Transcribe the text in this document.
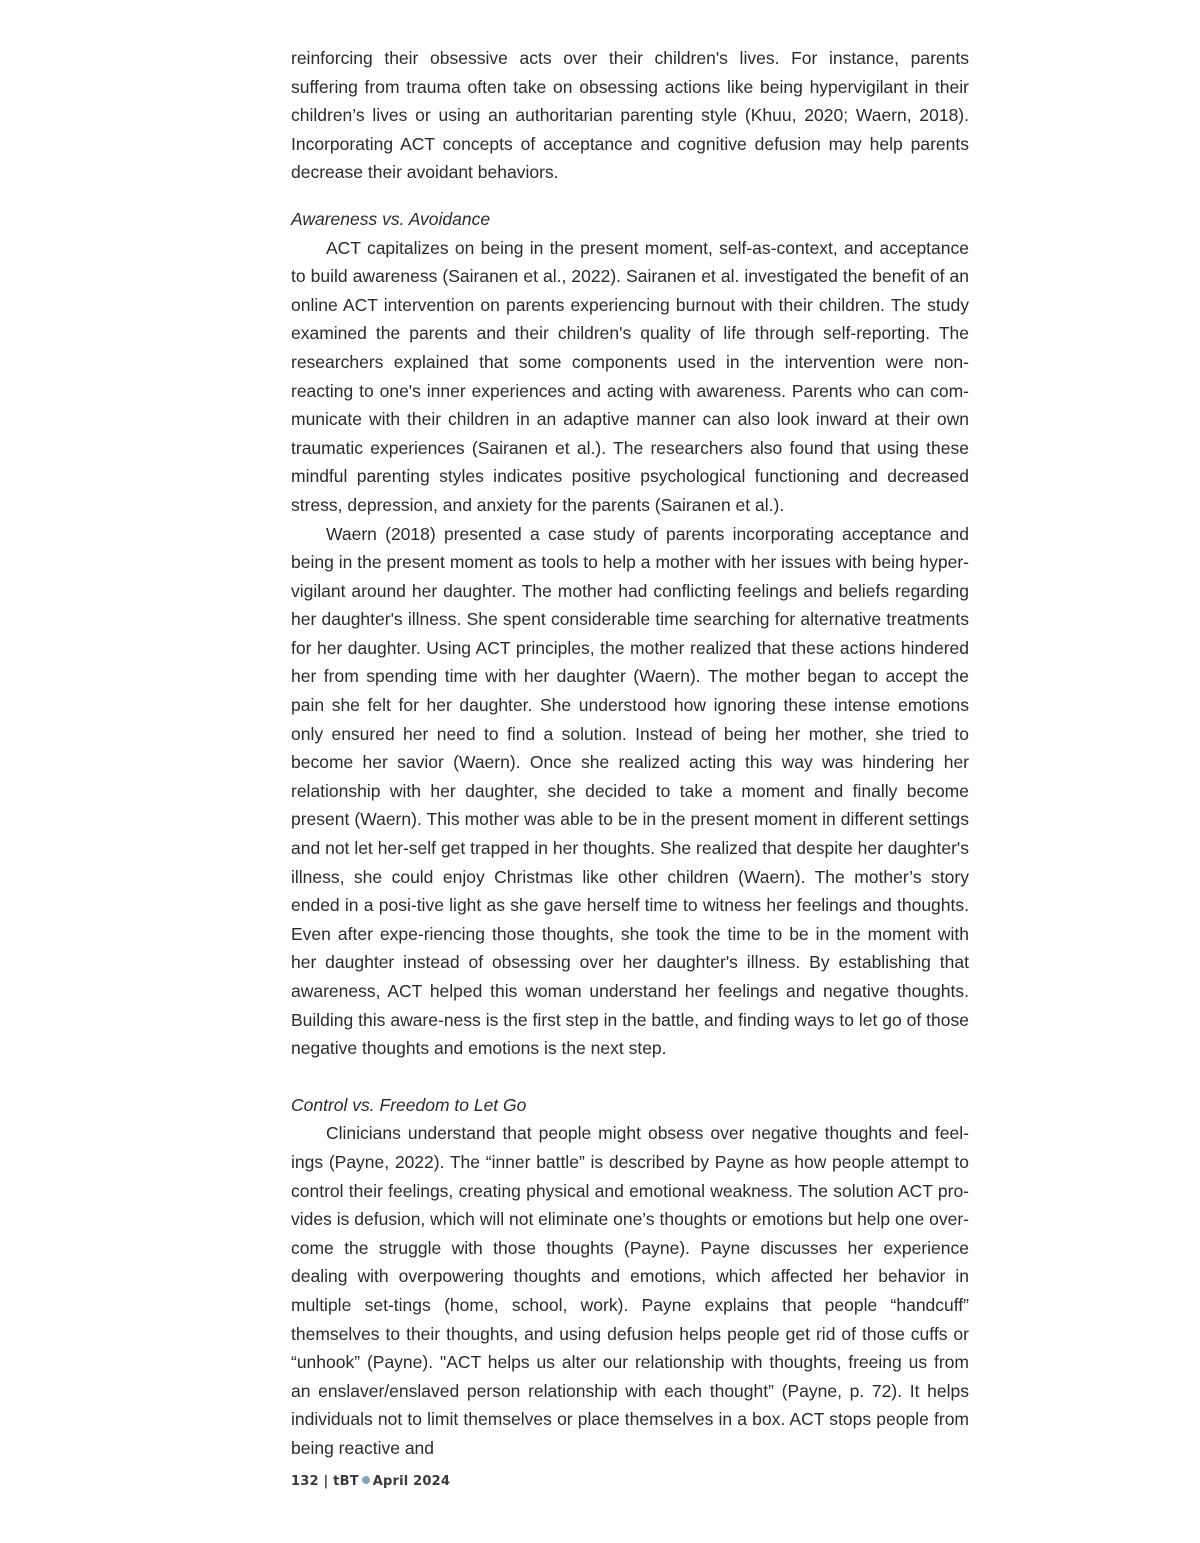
reinforcing their obsessive acts over their children's lives. For instance, parents suffering from trauma often take on obsessing actions like being hypervigilant in their children’s lives or using an authoritarian parenting style (Khuu, 2020; Waern, 2018). Incorporating ACT concepts of acceptance and cognitive defusion may help parents decrease their avoidant behaviors.

Awareness vs. Avoidance

ACT capitalizes on being in the present moment, self-as-context, and acceptance to build awareness (Sairanen et al., 2022). Sairanen et al. investigated the benefit of an online ACT intervention on parents experiencing burnout with their children. The study examined the parents and their children's quality of life through self-reporting. The researchers explained that some components used in the intervention were non-reacting to one's inner experiences and acting with awareness. Parents who can com-municate with their children in an adaptive manner can also look inward at their own traumatic experiences (Sairanen et al.). The researchers also found that using these mindful parenting styles indicates positive psychological functioning and decreased stress, depression, and anxiety for the parents (Sairanen et al.).

Waern (2018) presented a case study of parents incorporating acceptance and being in the present moment as tools to help a mother with her issues with being hyper-vigilant around her daughter. The mother had conflicting feelings and beliefs regarding her daughter's illness. She spent considerable time searching for alternative treatments for her daughter. Using ACT principles, the mother realized that these actions hindered her from spending time with her daughter (Waern). The mother began to accept the pain she felt for her daughter. She understood how ignoring these intense emotions only ensured her need to find a solution. Instead of being her mother, she tried to become her savior (Waern). Once she realized acting this way was hindering her relationship with her daughter, she decided to take a moment and finally become present (Waern). This mother was able to be in the present moment in different settings and not let her-self get trapped in her thoughts. She realized that despite her daughter's illness, she could enjoy Christmas like other children (Waern). The mother’s story ended in a posi-tive light as she gave herself time to witness her feelings and thoughts. Even after expe-riencing those thoughts, she took the time to be in the moment with her daughter instead of obsessing over her daughter's illness. By establishing that awareness, ACT helped this woman understand her feelings and negative thoughts. Building this aware-ness is the first step in the battle, and finding ways to let go of those negative thoughts and emotions is the next step.

Control vs. Freedom to Let Go

Clinicians understand that people might obsess over negative thoughts and feel-ings (Payne, 2022). The “inner battle” is described by Payne as how people attempt to control their feelings, creating physical and emotional weakness. The solution ACT pro-vides is defusion, which will not eliminate one’s thoughts or emotions but help one over-come the struggle with those thoughts (Payne). Payne discusses her experience dealing with overpowering thoughts and emotions, which affected her behavior in multiple set-tings (home, school, work). Payne explains that people “handcuff” themselves to their thoughts, and using defusion helps people get rid of those cuffs or “unhook” (Payne). "ACT helps us alter our relationship with thoughts, freeing us from an enslaver/enslaved person relationship with each thought” (Payne, p. 72). It helps individuals not to limit themselves or place themselves in a box. ACT stops people from being reactive and

132 | tBT April 2024
